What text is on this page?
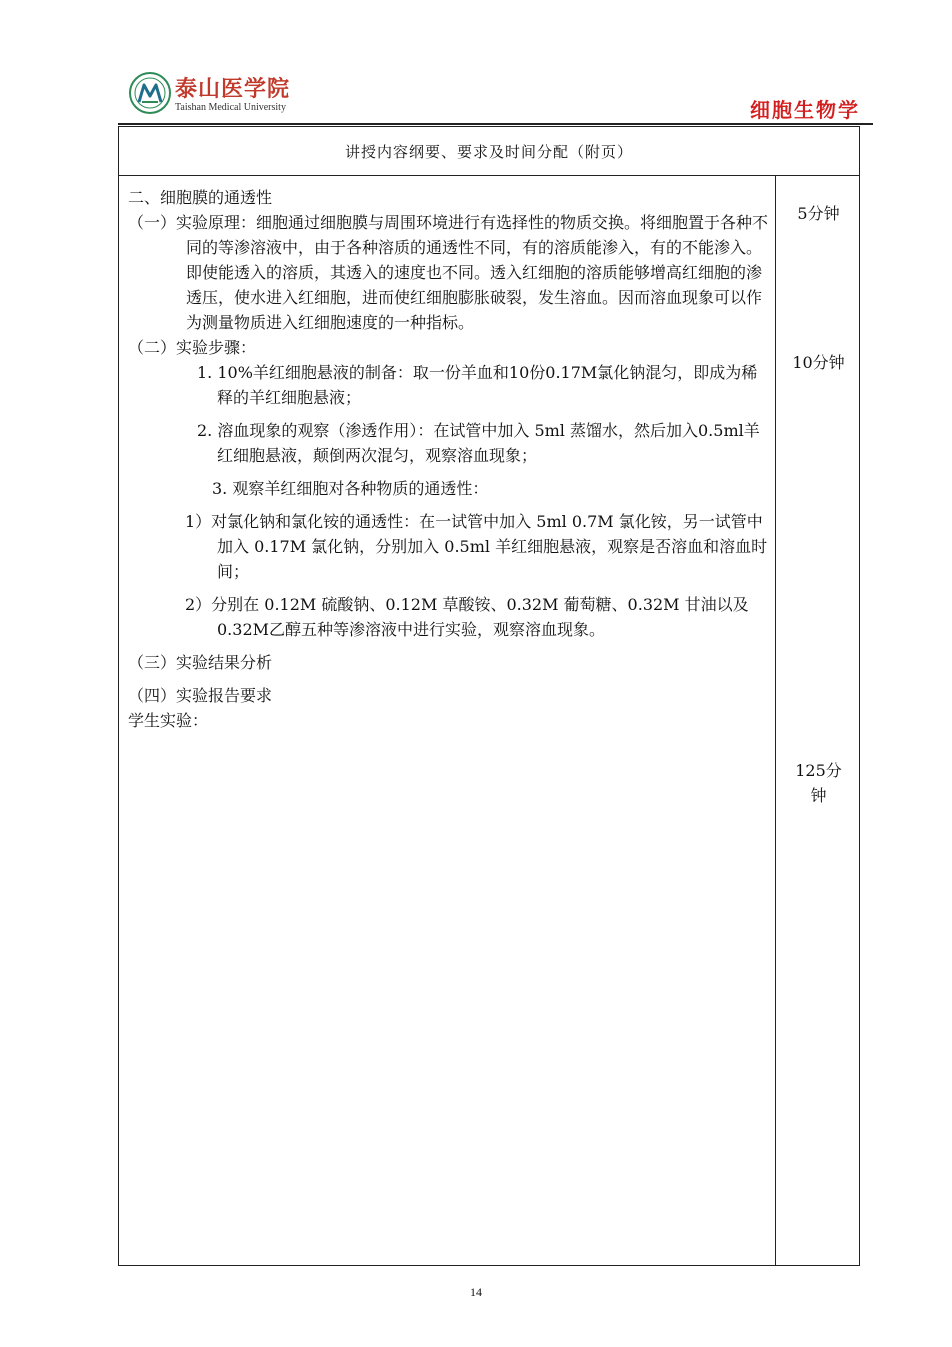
泰山医学院
Taishan Medical University	细胞生物学
讲授内容纲要、要求及时间分配（附页）

二、细胞膜的通透性

（一）实验原理：细胞通过细胞膜与周围环境进行有选择性的物质交换。将细胞置于各种不同的等渗溶液中，由于各种溶质的通透性不同，有的溶质能渗入，有的不能渗入。即使能透入的溶质，其透入的速度也不同。透入红细胞的溶质能够增高红细胞的渗透压，使水进入红细胞，进而使红细胞膨胀破裂，发生溶血。因而溶血现象可以作为测量物质进入红细胞速度的一种指标。

（二）实验步骤：

1. 10%羊红细胞悬液的制备：取一份羊血和10份0.17M氯化钠混匀，即成为稀释的羊红细胞悬液；

2. 溶血现象的观察（渗透作用）：在试管中加入 5ml 蒸馏水，然后加入0.5ml羊红细胞悬液，颠倒两次混匀，观察溶血现象；

3. 观察羊红细胞对各种物质的通透性：

1）对氯化钠和氯化铵的通透性：在一试管中加入 5ml 0.7M 氯化铵，另一试管中加入 0.17M 氯化钠，分别加入 0.5ml 羊红细胞悬液，观察是否溶血和溶血时间；

2）分别在 0.12M 硫酸钠、0.12M 草酸铵、0.32M 葡萄糖、0.32M 甘油以及0.32M乙醇五种等渗溶液中进行实验，观察溶血现象。

（三）实验结果分析

（四）实验报告要求

学生实验：

5分钟
10分钟
125分钟
14
